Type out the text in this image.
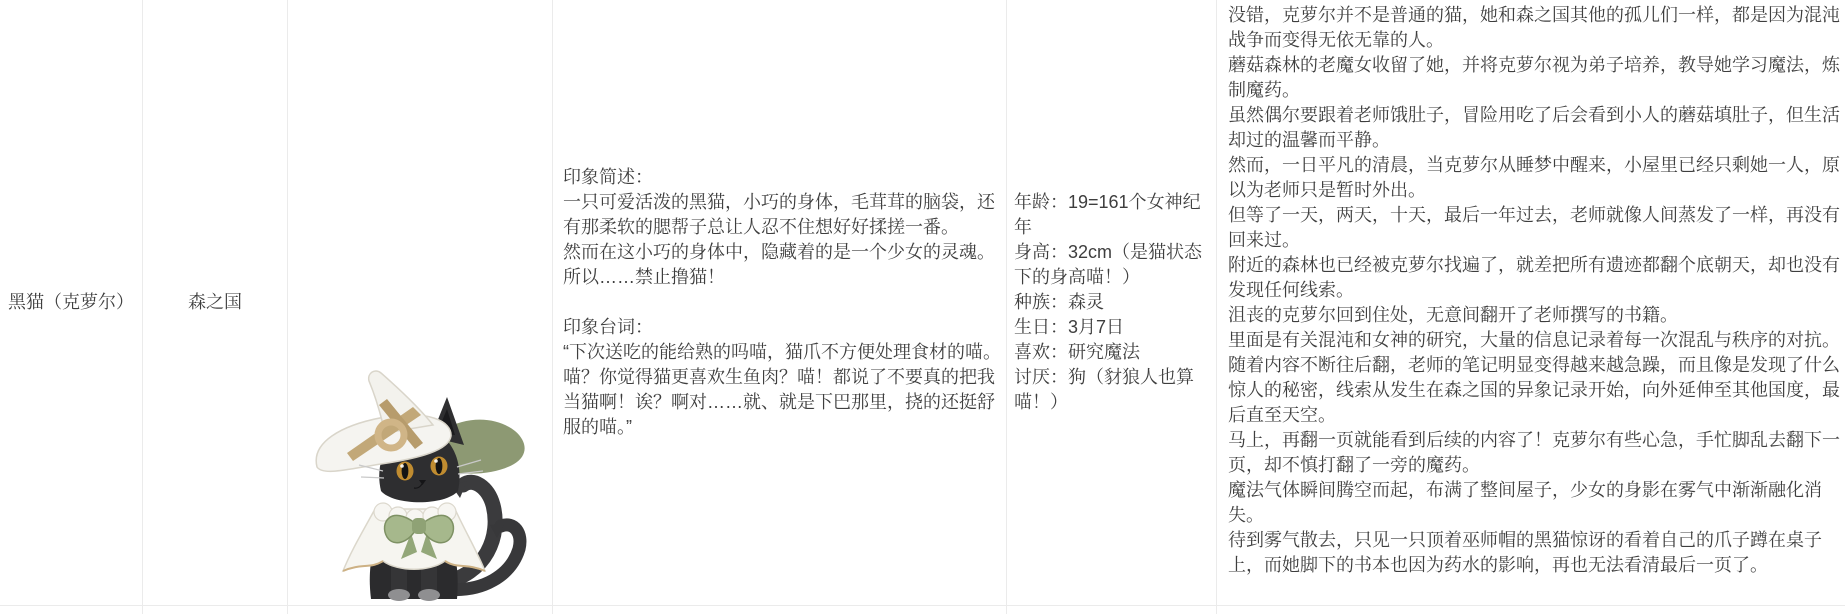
黑猫（克萝尔）	森之国
印象简述：
一只可爱活泼的黑猫，小巧的身体，毛茸茸的脑袋，还有那柔软的腮帮子总让人忍不住想好好揉搓一番。
然而在这小巧的身体中，隐藏着的是一个少女的灵魂。
所以……禁止撸猫！
印象台词：
“下次送吃的能给熟的吗喵，猫爪不方便处理食材的喵。喵？你觉得猫更喜欢生鱼肉？喵！都说了不要真的把我当猫啊！诶？啊对……就、就是下巴那里，挠的还挺舒服的喵。”
年龄：19=161个女神纪年
身高：32cm（是猫状态下的身高喵！）
种族：森灵
生日：3月7日
喜欢：研究魔法
讨厌：狗（豺狼人也算喵！）
没错，克萝尔并不是普通的猫，她和森之国其他的孤儿们一样，都是因为混沌战争而变得无依无靠的人。
蘑菇森林的老魔女收留了她，并将克萝尔视为弟子培养，教导她学习魔法，炼制魔药。
虽然偶尔要跟着老师饿肚子，冒险用吃了后会看到小人的蘑菇填肚子，但生活却过的温馨而平静。
然而，一日平凡的清晨，当克萝尔从睡梦中醒来，小屋里已经只剩她一人，原以为老师只是暂时外出。
但等了一天，两天，十天，最后一年过去，老师就像人间蒸发了一样，再没有回来过。
附近的森林也已经被克萝尔找遍了，就差把所有遗迹都翻个底朝天，却也没有发现任何线索。
沮丧的克萝尔回到住处，无意间翻开了老师撰写的书籍。
里面是有关混沌和女神的研究，大量的信息记录着每一次混乱与秩序的对抗。
随着内容不断往后翻，老师的笔记明显变得越来越急躁，而且像是发现了什么惊人的秘密，线索从发生在森之国的异象记录开始，向外延伸至其他国度，最后直至天空。
马上，再翻一页就能看到后续的内容了！克萝尔有些心急，手忙脚乱去翻下一页，却不慎打翻了一旁的魔药。
魔法气体瞬间腾空而起，布满了整间屋子，少女的身影在雾气中渐渐融化消失。
待到雾气散去，只见一只顶着巫师帽的黑猫惊讶的看着自己的爪子蹲在桌子上，而她脚下的书本也因为药水的影响，再也无法看清最后一页了。
